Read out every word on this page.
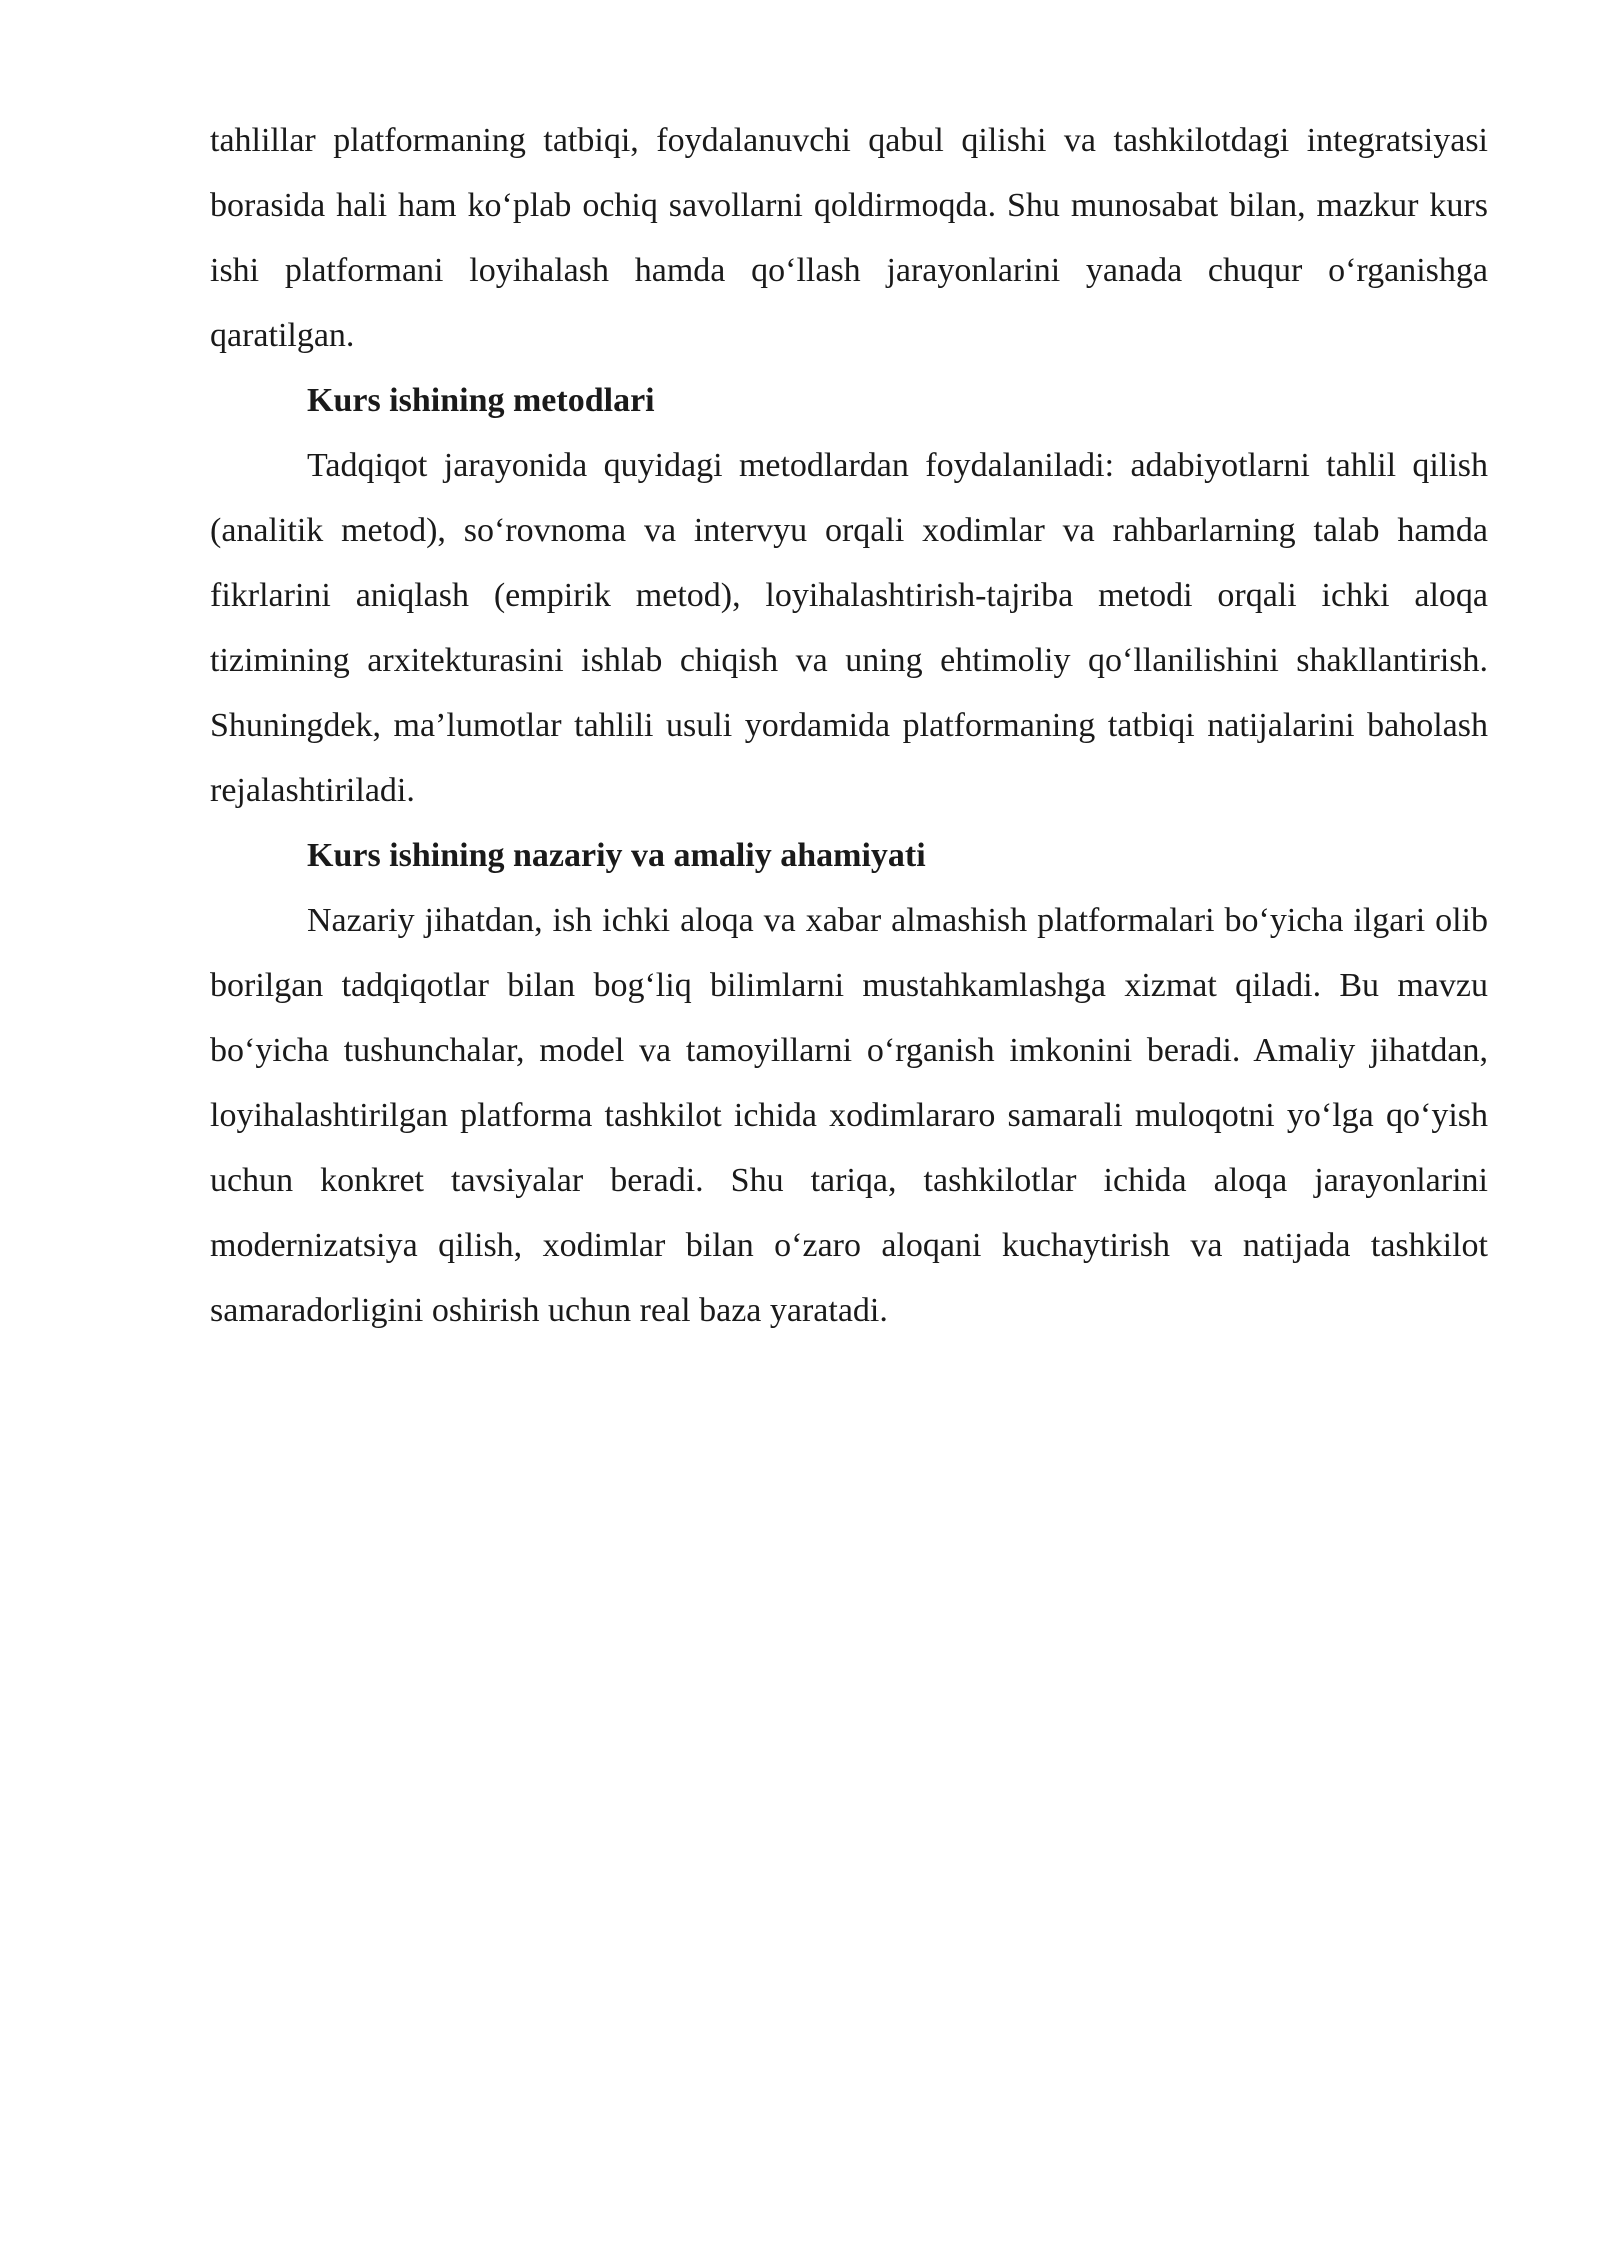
tahlillar platformaning tatbiqi, foydalanuvchi qabul qilishi va tashkilotdagi integratsiyasi borasida hali ham ko‘plab ochiq savollarni qoldirmoqda. Shu munosabat bilan, mazkur kurs ishi platformani loyihalash hamda qo‘llash jarayonlarini yanada chuqur o‘rganishga qaratilgan.

Kurs ishining metodlari

Tadqiqot jarayonida quyidagi metodlardan foydalaniladi: adabiyotlarni tahlil qilish (analitik metod), so‘rovnoma va intervyu orqali xodimlar va rahbarlarning talab hamda fikrlarini aniqlash (empirik metod), loyihalashtirish-tajriba metodi orqali ichki aloqa tizimining arxitekturasini ishlab chiqish va uning ehtimoliy qo‘llanilishini shakllantirish. Shuningdek, ma’lumotlar tahlili usuli yordamida platformaning tatbiqi natijalarini baholash rejalashtiriladi.

Kurs ishining nazariy va amaliy ahamiyati

Nazariy jihatdan, ish ichki aloqa va xabar almashish platformalari bo‘yicha ilgari olib borilgan tadqiqotlar bilan bog‘liq bilimlarni mustahkamlashga xizmat qiladi. Bu mavzu bo‘yicha tushunchalar, model va tamoyillarni o‘rganish imkonini beradi. Amaliy jihatdan, loyihalashtirilgan platforma tashkilot ichida xodimlararo samarali muloqotni yo‘lga qo‘yish uchun konkret tavsiyalar beradi. Shu tariqa, tashkilotlar ichida aloqa jarayonlarini modernizatsiya qilish, xodimlar bilan o‘zaro aloqani kuchaytirish va natijada tashkilot samaradorligini oshirish uchun real baza yaratadi.
